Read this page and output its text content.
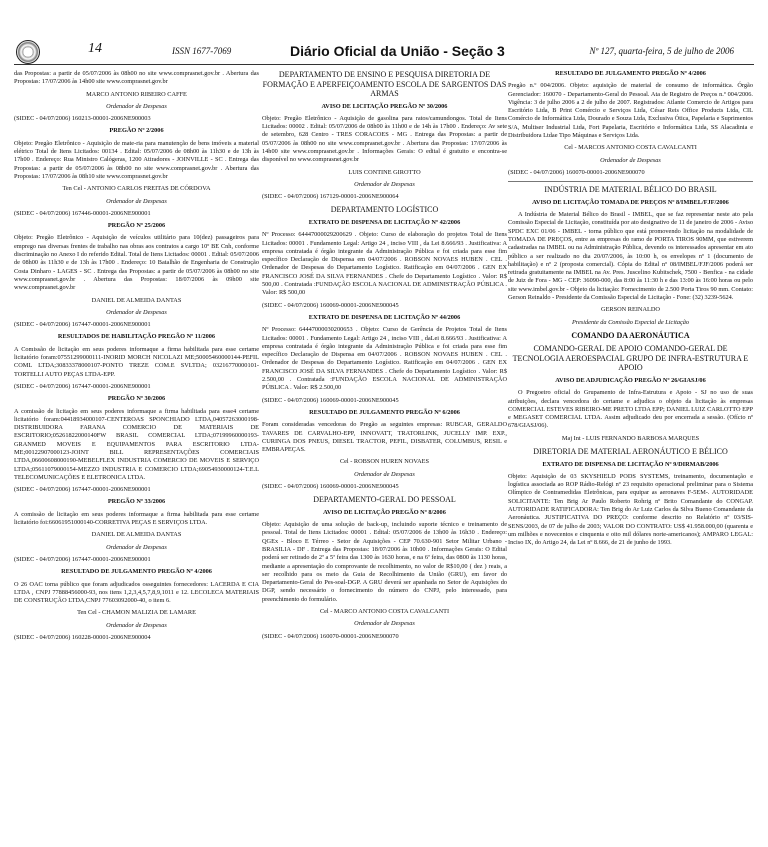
14	ISSN 1677-7069	Diário Oficial da União - Seção 3	Nº 127, quarta-feira, 5 de julho de 2006

das Propostas: a partir de 05/07/2006 às 08h00 no site www.comprasnet.gov.br . Abertura das Propostas: 17/07/2006 às 14h00 site www.comprasnet.gov.br

MARCO ANTONIO RIBEIRO CAFFE

Ordenador de Despesas

(SIDEC - 04/07/2006) 160213-00001-2006NE900003

PREGÃO Nº 2/2006

Objeto: Pregão Eletrônico - Aquisição de mate-ria para manutenção de bens imóveis a material elétrico Total de Itens Licitados: 00134 . Edital: 05/07/2006 de 08h00 às 11h30 e de 13h às 17h00 . Endereço: Rua Ministro Calógeras, 1200 Atiradores - JOINVILLE - SC . Entrega das Propostas: a partir de 05/07/2006 às 08h00 no site www.comprasnet.gov.br . Abertura das Propostas: 17/07/2006 às 08h10 site www.comprasnet.gov.br

Ten Cel - ANTONIO CARLOS FREITAS DE CÓRDOVA

Ordenador de Despesas

(SIDEC - 04/07/2006) 167446-00001-2006NE900001

PREGÃO Nº 25/2006

Objeto: Pregão Eletrônico - Aquisição de veículos utilitário para 10(dez) passageiros para emprego nas diversas frentes de trabalho nas obras aos contratos a cargo 10º BE Cnh, conforme discriminação no Anexo I do referido Edital. Total de Itens Licitados: 00001 . Edital: 05/07/2006 de 08h00 às 11h30 e de 13h às 17h00 . Endereço: 10 Batalhão de Engenharia de Construção Costa Dinharo - LAGES - SC . Entrega das Propostas: a partir de 05/07/2006 às 08h00 no site www.comprasnet.gov.br . Abertura das Propostas: 18/07/2006 às 09h00 site www.comprasnet.gov.br

DANIEL DE ALMEIDA DANTAS

Ordenador de Despesas

(SIDEC - 04/07/2006) 167447-00001-2006NE900001

RESULTADOS DE HABILITAÇÃO PREGÃO Nº 11/2006

A Comissão de licitação em seus poderes informaque a firma habilitada para esse certame licitatório foram:07551299000111-INORID MORCH NICOLAZI ME;50005460000144-PEFIL COML LTDA;30833378000107-PONTO TREZE COM.E SVLTDA; 03216770000101- TORTELLI AUTO PEÇAS LTDA-EPP.

(SIDEC - 04/07/2006) 167447-00001-2006NE900001

PREGÃO Nº 30/2006

A comissão de licitação em seus poderes informaque a firma habilitada para esse4 certame licitatório foram:04418934000107-CENTEROAS SPONCHIADO LTDA,04057263000198-DISTRIBUIDORA FARANA COMERCIO DE MATERIAIS DE ESCRITORIO;05261822000140FW BRASIL COMERCIAL LTDA;07199960000193-GRANMED MOVEIS E EQUIPAMENTOS PARA ESCRITORIO LTDA-ME;00122907000123-JOINT BILL REPRESENTAÇÕES COMERCIAIS LTDA,06600608000190-MEBELFLEX INDUSTRIA COMERCIO DE MOVEIS E SERVIÇO LTDA;05611079000154-MEZZO INDUSTRIA E COMERCIO LTDA;69054930000124-T.E.L TELECOMUNICAÇÕES E ELETRONICA LTDA.

(SIDEC - 04/07/2006) 167447-00001-2006NE900001

PREGÃO Nº 33/2006

A comissão de licitação em seus poderes informaque a firma habilitada para esse certame licitatório foi:66061951000140-CORRETIVA PEÇAS E SERVIÇOS LTDA.

DANIEL DE ALMEIDA DANTAS

Ordenador de Despesas

(SIDEC - 04/07/2006) 167447-00001-2006NE900001

RESULTADO DE JULGAMENTO PREGÃO Nº 4/2006

O 26 OAC torna público que foram adjudicados osseguintes fornecedores: LACERDA E CIA LTDA , CNPJ 77888456000-93, nos itens 1,2,3,4,5,7,8,9,1011 e 12. LECOLECA MATERIAIS DE CONSTRUÇÃO LTDA,CNPJ 77603092000-40, o item 6.

Ten Cel - CHAMON MALIZIA DE LAMARE

Ordenador de Despesas

(SIDEC - 04/07/2006) 160228-00001-2006NE900004

DEPARTAMENTO DE ENSINO E PESQUISA DIRETORIA DE FORMAÇÃO E APERFEIÇOAMENTO ESCOLA DE SARGENTOS DAS ARMAS

AVISO DE LICITAÇÃO PREGÃO Nº 30/2006

Objeto: Pregão Eletrônico - Aquisição de gasolina para ratos/camundongos. Total de Itens Licitados: 00002 . Edital: 05/07/2006 de 08h00 às 11h00 e de 14h às 17h00 . Endereço: Av sete de setembro, 628 Centro - TRES CORACOES - MG . Entrega das Propostas: a partir de 05/07/2006 às 08h00 no site www.comprasnet.gov.br . Abertura das Propostas: 17/07/2006 às 14h00 site www.comprasnet.gov.br . Informações Gerais: O edital é gratuito e encontra-se disponível no www.comprasnet.gov.br

LUIS CONTINE GIROTTO

Ordenador de Despesas

(SIDEC - 04/07/2006) 167129-00001-2006NE900064

DEPARTAMENTO LOGÍSTICO

EXTRATO DE DISPENSA DE LICITAÇÃO Nº 42/2006

Nº Processo: 64447000029200629 . Objeto: Curso de elaboração do projetos Total de Itens Licitados: 00001 . Fundamento Legal: Artigo 24 , inciso VIII , da Lei 8.666/93 . Justificativa: A empresa contratada é órgão integrante da Administração Pública e foi criada para esse fim específico Declaração de Dispensa em 04/07/2006 . ROBSON NOVAES HUBEN . CEL . Ordenador de Despesas do Departamento Logístico. Ratificação em 04/07/2006 . GEN EX FRANCISCO JOSÉ DA SILVA FERNANDES . Chefe do Departamento Logístico . Valor: R$ 500,00 . Contratada :FUNDAÇÃO ESCOLA NACIONAL DE ADMINISTRAÇÃO PÚBLICA . Valor: R$ 500,00

(SIDEC - 04/07/2006) 160069-00001-2006NE900045

EXTRATO DE DISPENSA DE LICITAÇÃO Nº 44/2006

Nº Processo: 64447000030200653 . Objeto: Curso de Gerência de Projetos Total de Itens Licitados: 00001 . Fundamento Legal: Artigo 24 , inciso VIII , daLei 8.666/93 . Justificativa: A empresa contratada é órgão integrante da Administração Pública e foi criada para esse fim específico Declaração de Dispensa em 04/07/2006 . ROBSON NOVAES HUBEN . CEL . Ordenador de Despesas do Departamento Logístico. Ratificação em 04/07/2006 . GEN EX FRANCISCO JOSÉ DA SILVA FERNANDES . Chefe do Departamento Logístico . Valor: R$ 2.500,00 . Contratada :FUNDAÇÃO ESCOLA NACIONAL DE ADMINISTRAÇÃO PÚBLICA . Valor: R$ 2.500,00

(SIDEC - 04/07/2006) 160069-00001-2006NE900045

RESULTADO DE JULGAMENTO PREGÃO Nº 6/2006

Foram consideradas vencedoras do Pregão as seguintes empresas: RUBCAR, GERALDO TAVARES DE CARVALHO-EPP, INNOVATT, TRATORLINK, JUCELLY IMP. EXP., CURINGA DOS PNEUS, DIESEL TRACTOR, PEFIL, DISBATER, COLUMBUS, RESIL e EMBRAPEÇAS.

Cel - ROBSON HUREN NOVAES

Ordenador de Despesas

(SIDEC - 04/07/2006) 160069-00001-2006NE900045

DEPARTAMENTO-GERAL DO PESSOAL

AVISO DE LICITAÇÃO PREGÃO Nº 8/2006

Objeto: Aquisição de uma solução de back-up, incluindo suporte técnico e treinamento de pessoal. Total de Itens Licitados: 00001 . Edital: 05/07/2006 de 13h00 às 16h30 . Endereço: QGEx - Bloco E Térreo - Setor de Aquisições - CEP 70.630-901 Setor Militar Urbano - BRASILIA - DF . Entrega das Propostas: 18/07/2006 às 10h00 . Informações Gerais: O Edital poderá ser retirado de 2ª a 5ª feira das 1300 às 1630 horas, e na 6ª feira, das 0800 às 1130 horas, mediante a apresentação do comprovante de recolhimento, no valor de R$10,00 ( dez ) reais, a ser recolhido para os meio da Guia de Recolhimento da União (GRU), em favor do Departamento-Geral do Pes-soal-DGP. A GRU deverá ser apanhada no Setor de Aquisições do DGP, sendo necessário o fornecimento do número do CNPJ, pelo interessado, para preenchimento do formulário.

Cel - MARCO ANTONIO COSTA CAVALCANTI

Ordenador de Despesas

(SIDEC - 04/07/2006) 160070-00001-2006NE900070

RESULTADO DE JULGAMENTO PREGÃO Nº 4/2006

Pregão n.º 004/2006. Objeto: aquisição de material de consumo de informática. Órgão Gerenciador: 160070 - Departamento-Geral do Pessoal. Ata de Registro de Preços n.º 004/2006. Vigência: 3 de julho 2006 a 2 de julho de 2007. Registrados: Atlante Comercio de Artigos para Escritório Ltda, B Print Comércio e Serviços Ltda, César Reis Office Products Ltda, CIL Comércio de Informática Ltda, Dourado e Souza Ltda, Exclusiva Ótica, Papelaria e Suprimentos S/A, Multiser Industrial Ltda, Fort Papelaria, Escritório e Informática Ltda, SS Alacadinia e Distribuidora Ltdae Tipo Máquinas e Serviços Ltda.

Cel - MARCOS ANTONIO COSTA CAVALCANTI

Ordenador de Despesas

(SIDEC - 04/07/2006) 160070-00001-2006NE900070

INDÚSTRIA DE MATERIAL BÉLICO DO BRASIL

AVISO DE LICITAÇÃO TOMADA DE PREÇOS Nº 8/IMBEL/FJF/2006

A Indústria de Material Bélico do Brasil - IMBEL, que se faz representar neste ato pela Comissão Especial de Licitação, constituída por ato designativo de 11 de janeiro de 2006 - Aviso SPDC EXC 01/06 - IMBEL - torna público que está promovendo licitação na modalidade de TOMADA DE PREÇOS, entre as empresas do ramo de PORTA TIROS 90MM, que estiverem cadastradas na IMBEL ou na Administração Pública, devendo os interessados apresentar em ato público a ser realizado no dia 20/07/2006, às 10:00 h, os envelopes nº 1 (documento de habilitação) e nº 2 (proposta comercial). Cópia do Edital nº 08/IMBEL/FJF/2006 poderá ser retirada gratuitamente na IMBEL na Av. Pres. Juscelino Kubitschek, 7500 - Benfica - na cidade de Juiz de Fora - MG - CEP: 36090-000, das 8:00 às 11:30 h e das 13:00 às 16:00 horas ou pelo site www.imbel.gov.br - Objeto da licitação: Fornecimento de 2.500 Porta Tiros 90 mm. Contato: Gerson Reinaldo - Presidente da Comissão Especial de Licitação - Fone: (32) 3239-5624.

GERSON REINALDO

Presidente da Comissão Especial de Licitação

COMANDO DA AERONÁUTICA

COMANDO-GERAL DE APOIO COMANDO-GERAL DE TECNOLOGIA AEROESPACIAL GRUPO DE INFRA-ESTRUTURA E APOIO

AVISO DE ADJUDICAÇÃO PREGÃO Nº 26/GIASJ/06

O Pregoeiro oficial do Grupamento de Infra-Estrutura e Apoio - SJ no uso de suas atribuições, declara vencedora do certame e adjudica o objeto da licitação às empresas COMERCIAL ESTEVES RIBEIRO-ME PRETO LTDA EPP; DANIEL LUIZ CARLOTTO EPP e MEGASET COMERCIAL LTDA. Assim adjudicado deu por encerrada a sessão. (Ofício nº 678/GIASJ/06).

Maj Int - LUIS FERNANDO BARBOSA MARQUES

DIRETORIA DE MATERIAL AERONÁUTICO E BÉLICO

EXTRATO DE DISPENSA DE LICITAÇÃO Nº 9/DIRMAB/2006

Objeto: Aquisição de 03 SKYSHIELD PODS SYSTEMS, treinamento, documentação e logística associada ao ROP Rádio-Relógi nº 23 requisito operacional preliminar para o Sistema Olímpico de Contramedidas Eletrônicas, para equipar as aeronaves F-5EM-. AUTORIDADE SOLICITANTE: Ten Brig Ar Paulo Roberto Rohrig nº Brito Comandante do CONGAP. AUTORIDADE RATIFICADORA: Ten Brig do Ar Luiz Carlos da Silva Bueno Comandante da Aeronáutica. JUSTIFICATIVA DO PREÇO: conforme descrito no Relatório nº 03/SIS-SENS/2003, de 07 de julho de 2003; VALOR DO CONTRATO: US$ 41.958.000,00 (quarenta e um milhões e novecentos e cinquenta e oito mil dólares norte-americanos); AMPARO LEGAL: Inciso IX, do Artigo 24, da Lei nº 8.666, de 21 de junho de 1993.
